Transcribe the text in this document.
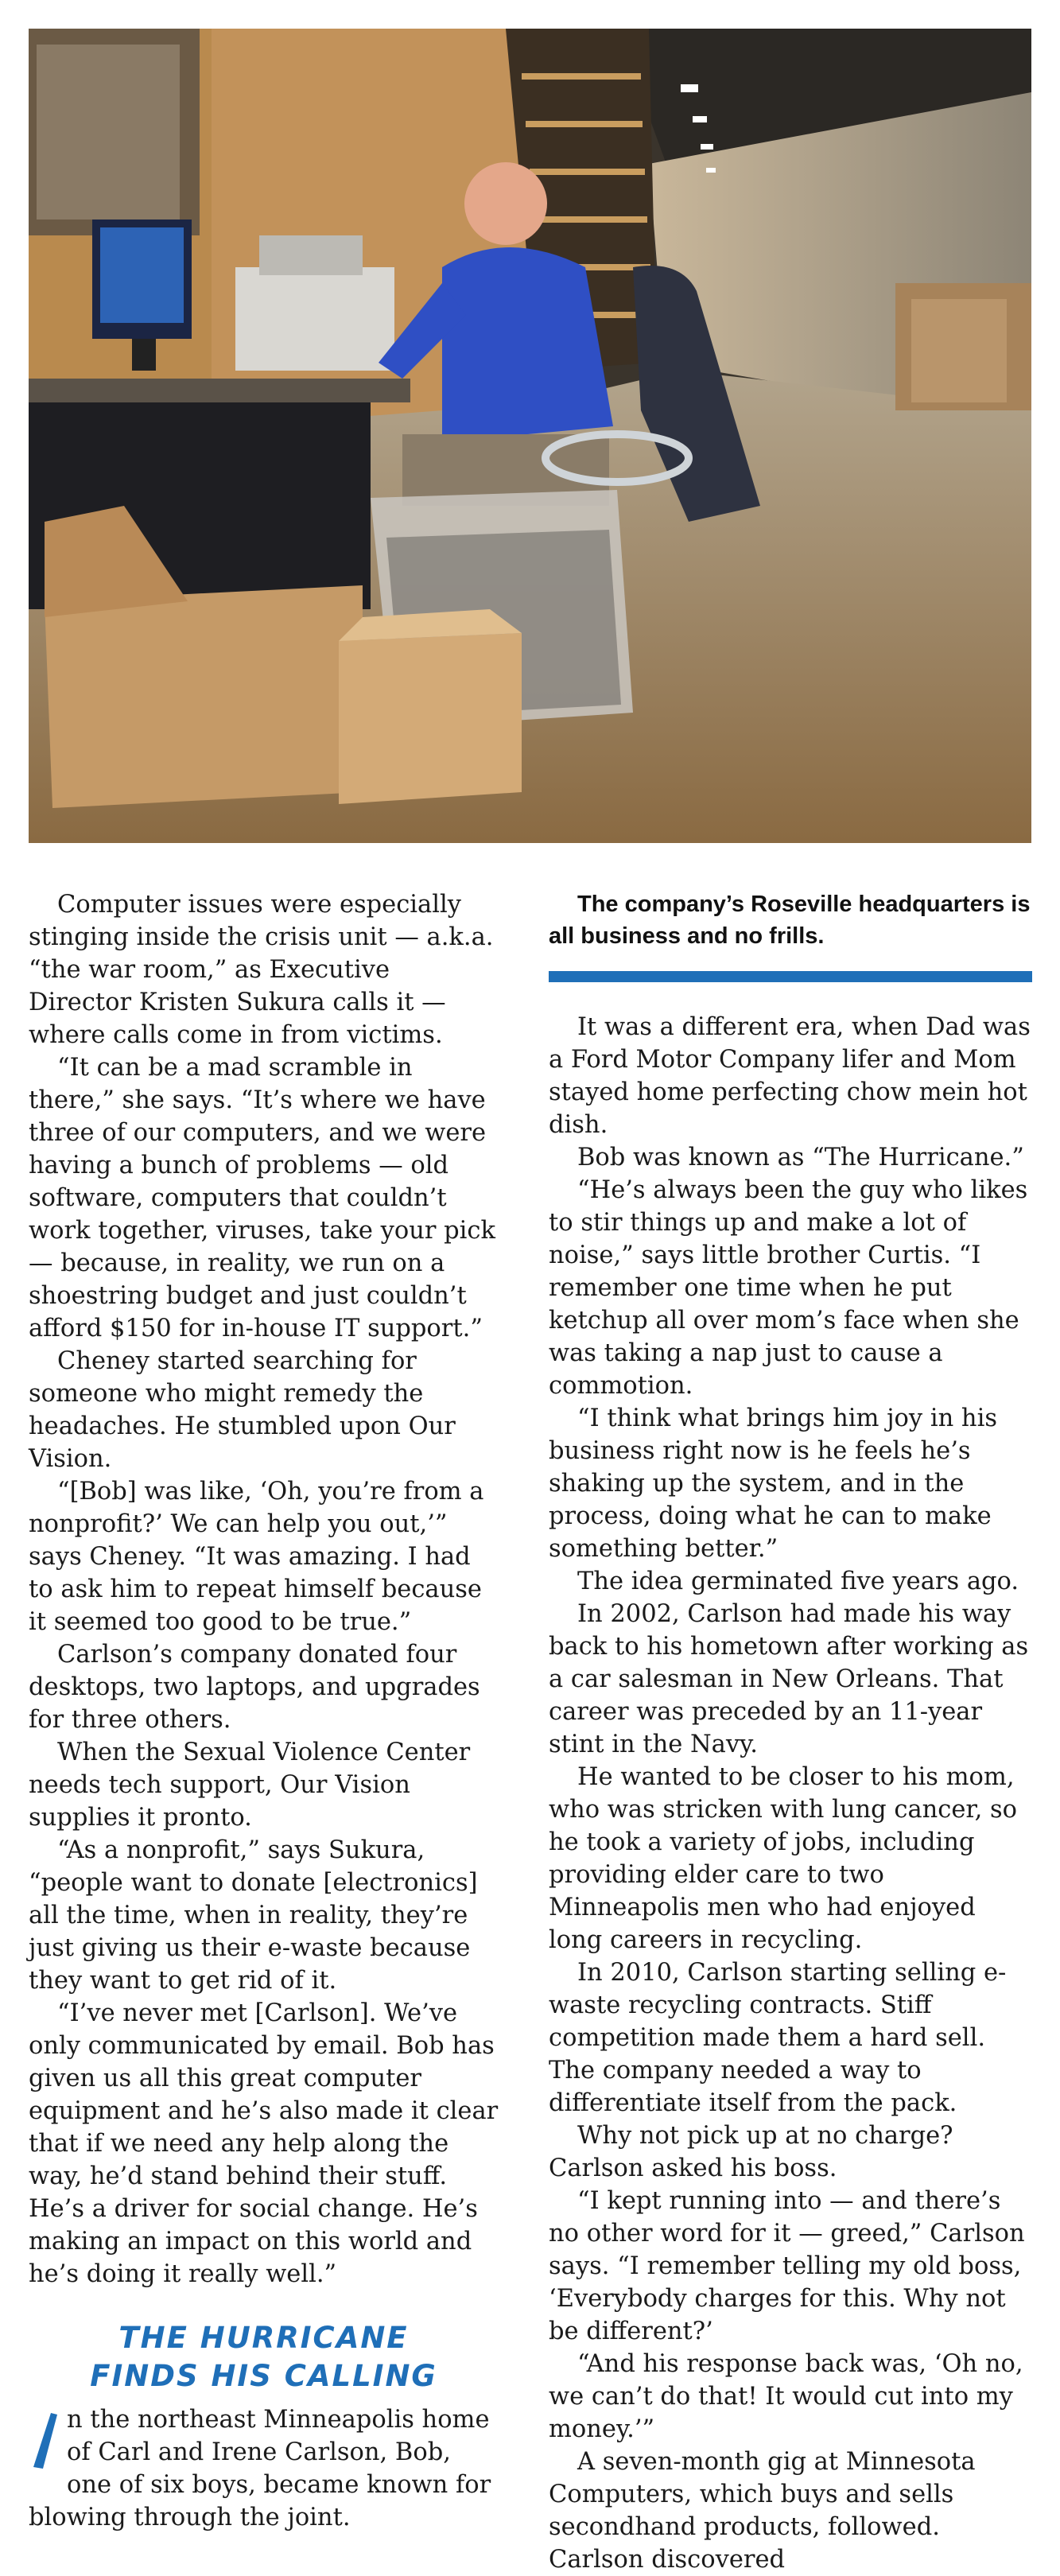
Computer issues were especially stinging inside the crisis unit — a.k.a. “the war room,” as Executive Director Kristen Sukura calls it — where calls come in from victims.

“It can be a mad scramble in there,” she says. “It’s where we have three of our computers, and we were having a bunch of problems — old software, computers that couldn’t work together, viruses, take your pick — because, in reality, we run on a shoestring budget and just couldn’t afford $150 for in-house IT support.”

Cheney started searching for someone who might remedy the headaches. He stumbled upon Our Vision.

“[Bob] was like, ‘Oh, you’re from a nonprofit?’ We can help you out,’” says Cheney. “It was amazing. I had to ask him to repeat himself because it seemed too good to be true.”

Carlson’s company donated four desktops, two laptops, and upgrades for three others.

When the Sexual Violence Center needs tech support, Our Vision supplies it pronto.

“As a nonprofit,” says Sukura, “people want to donate [electronics] all the time, when in reality, they’re just giving us their e-waste because they want to get rid of it.

“I’ve never met [Carlson]. We’ve only communicated by email. Bob has given us all this great computer equipment and he’s also made it clear that if we need any help along the way, he’d stand behind their stuff. He’s a driver for social change. He’s making an impact on this world and he’s doing it really well.”

THE HURRICANE
FINDS HIS CALLING
n the northeast Minneapolis home of Carl and Irene Carlson, Bob, one of six boys, became known for blowing through the joint.

The company’s Roseville headquarters is all business and no frills.

It was a different era, when Dad was a Ford Motor Company lifer and Mom stayed home perfecting chow mein hot dish.

Bob was known as “The Hurricane.”

“He’s always been the guy who likes to stir things up and make a lot of noise,” says little brother Curtis. “I remember one time when he put ketchup all over mom’s face when she was taking a nap just to cause a commotion.

“I think what brings him joy in his business right now is he feels he’s shaking up the system, and in the process, doing what he can to make something better.”

The idea germinated five years ago.

In 2002, Carlson had made his way back to his hometown after working as a car salesman in New Orleans. That career was preceded by an 11-year stint in the Navy.

He wanted to be closer to his mom, who was stricken with lung cancer, so he took a variety of jobs, including providing elder care to two Minneapolis men who had enjoyed long careers in recycling.

In 2010, Carlson starting selling e-waste recycling contracts. Stiff competition made them a hard sell. The company needed a way to differentiate itself from the pack.

Why not pick up at no charge? Carlson asked his boss.

“I kept running into — and there’s no other word for it — greed,” Carlson says. “I remember telling my old boss, ‘Everybody charges for this. Why not be different?’

“And his response back was, ‘Oh no, we can’t do that! It would cut into my money.’”

A seven-month gig at Minnesota Computers, which buys and sells secondhand products, followed. Carlson discovered
